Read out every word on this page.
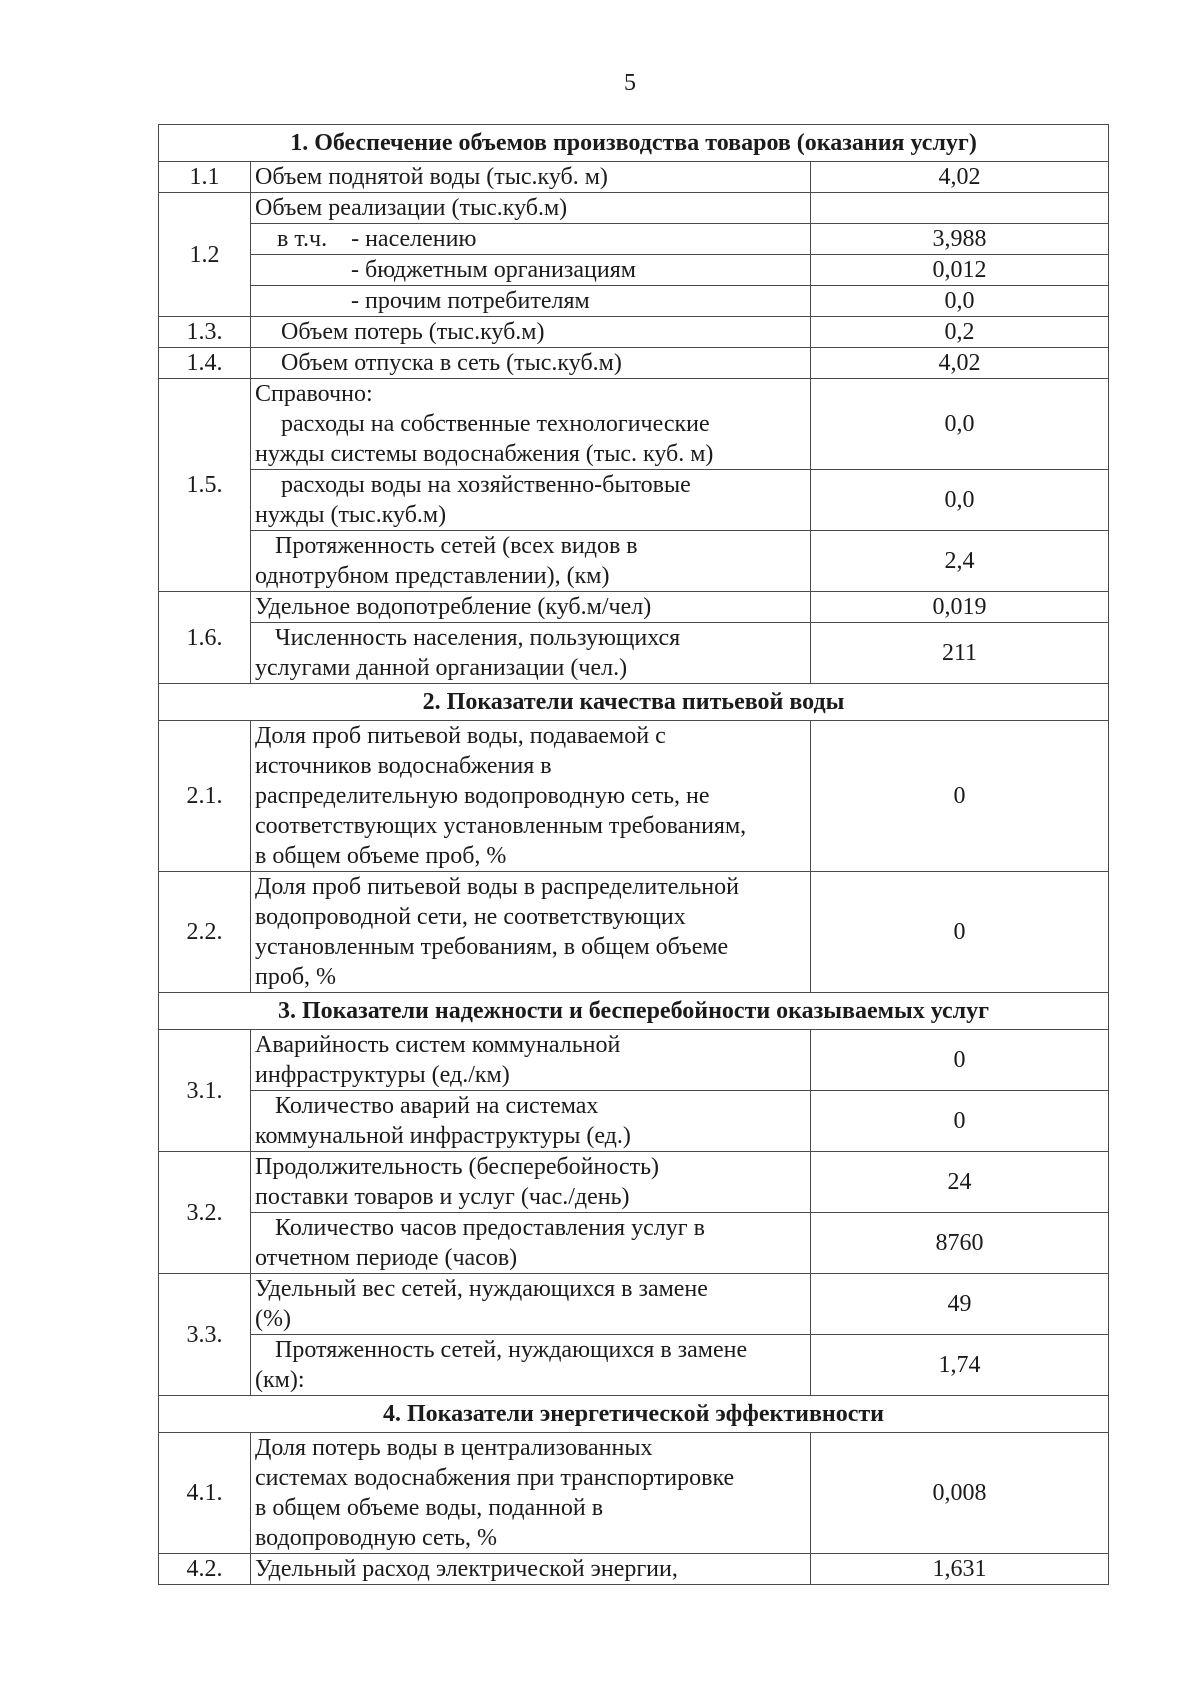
5
1. Обеспечение объемов производства товаров (оказания услуг)		
1.1	Объем поднятой воды (тыс.куб. м)	4,02
1.2	Объем реализации (тыс.куб.м)	
	в т.ч.    - населению	3,988
	- бюджетным организациям	0,012
	- прочим потребителям	0,0
1.3.	Объем потерь (тыс.куб.м)	0,2
1.4.	Объем отпуска в сеть (тыс.куб.м)	4,02
1.5.	Справочно:
расходы на собственные технологические
нужды системы водоснабжения (тыс. куб. м)	0,0

	расходы воды на хозяйственно-бытовые
нужды (тыс.куб.м)	0,0

	Протяженность сетей (всех видов в
однотрубном представлении), (км)	2,4
1.6.	Удельное водопотребление (куб.м/чел)	0,019

	Численность населения, пользующихся
услугами данной организации (чел.)	211
2. Показатели качества питьевой воды		
2.1.	Доля проб питьевой воды, подаваемой с
источников водоснабжения в
распределительную водопроводную сеть, не
соответствующих установленным требованиям,
в общем объеме проб, %	0
2.2.	Доля проб питьевой воды в распределительной
водопроводной сети, не соответствующих
установленным требованиям, в общем объеме
проб, %	0
3. Показатели надежности и бесперебойности оказываемых услуг		
3.1.	Аварийность систем коммунальной
инфраструктуры (ед./км)	0

	Количество аварий на системах
коммунальной инфраструктуры (ед.)	0
3.2.	Продолжительность (бесперебойность)
поставки товаров и услуг (час./день)	24

	Количество часов предоставления услуг в
отчетном периоде (часов)	8760
3.3.	Удельный вес сетей, нуждающихся в замене
(%)	49

	Протяженность сетей, нуждающихся в замене
(км):	1,74
4. Показатели энергетической эффективности		
4.1.	Доля потерь воды в централизованных
системах водоснабжения при транспортировке
в общем объеме воды, поданной в
водопроводную сеть, %	0,008
4.2.	Удельный расход электрической энергии,	1,631
